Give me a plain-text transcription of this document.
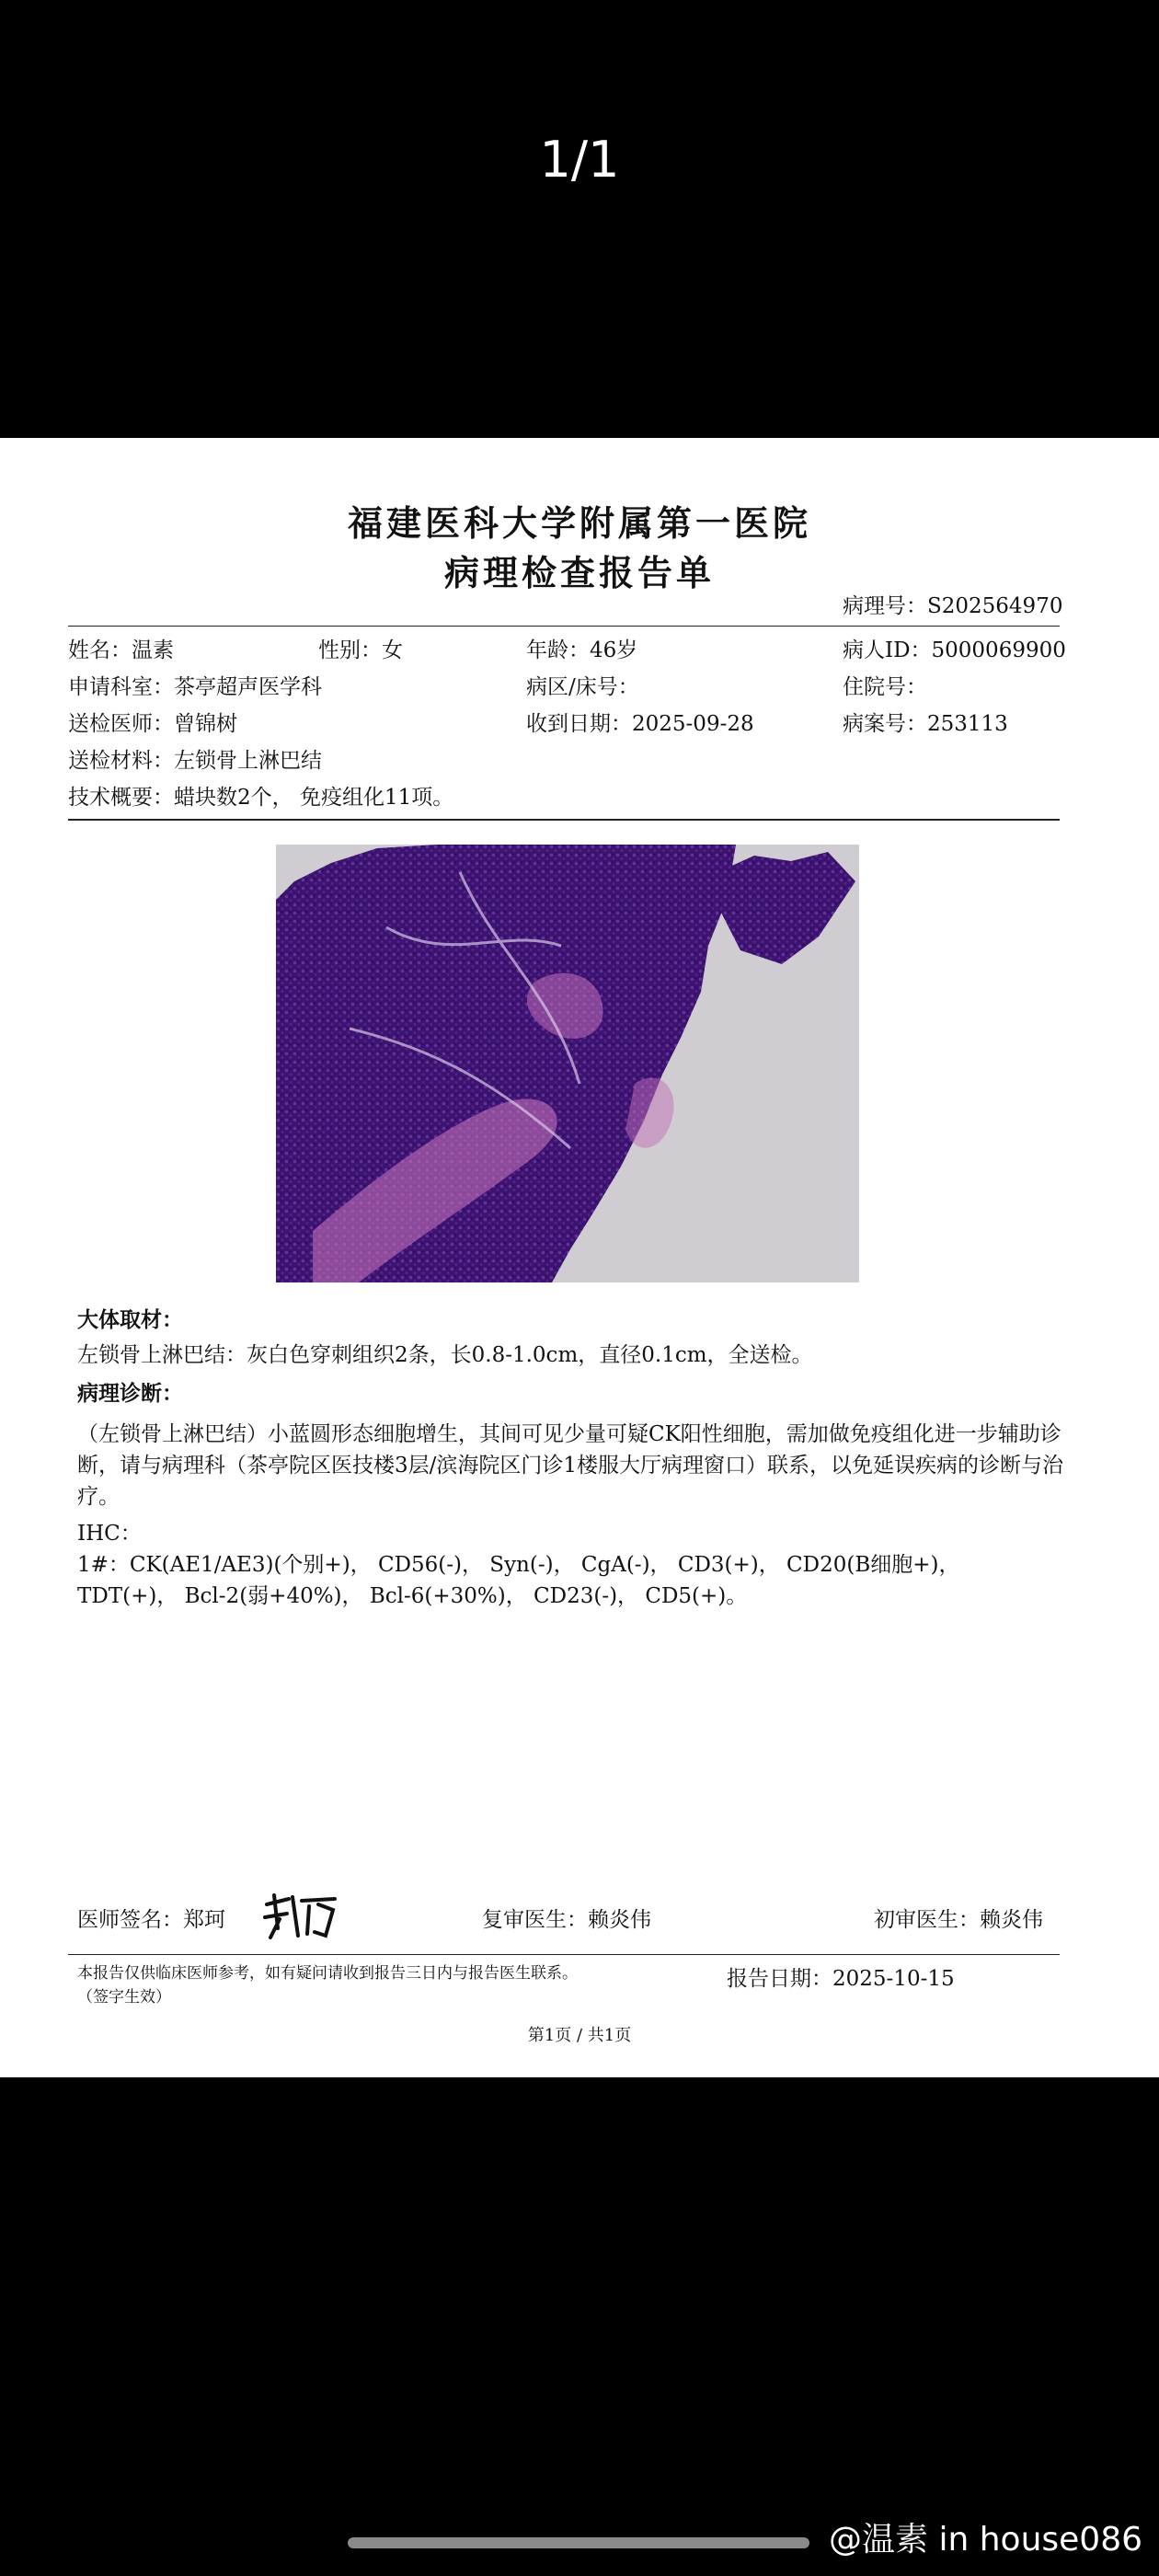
1/1
福建医科大学附属第一医院
病理检查报告单
病理号：S202564970
姓名：温素	性别：女	年龄：46岁	病人ID：5000069900
申请科室：茶亭超声医学科	病区/床号：	住院号：
送检医师：曾锦树	收到日期：2025-09-28	病案号：253113
送检材料：左锁骨上淋巴结
技术概要：蜡块数2个， 免疫组化11项。
大体取材：
左锁骨上淋巴结：灰白色穿刺组织2条，长0.8-1.0cm，直径0.1cm，全送检。
病理诊断：
（左锁骨上淋巴结）小蓝圆形态细胞增生，其间可见少量可疑CK阳性细胞，需加做免疫组化进一步辅助诊断，请与病理科（茶亭院区医技楼3层/滨海院区门诊1楼服大厅病理窗口）联系，以免延误疾病的诊断与治疗。
IHC：
1#：CK(AE1/AE3)(个别+)， CD56(-)， Syn(-)， CgA(-)， CD3(+)， CD20(B细胞+)，
TDT(+)， Bcl-2(弱+40%)， Bcl-6(+30%)， CD23(-)， CD5(+)。
医师签名：郑珂	复审医生：赖炎伟	初审医生：赖炎伟
本报告仅供临床医师参考，如有疑问请收到报告三日内与报告医生联系。
（签字生效）
报告日期：2025-10-15
第1页 / 共1页
@温素 in house086
